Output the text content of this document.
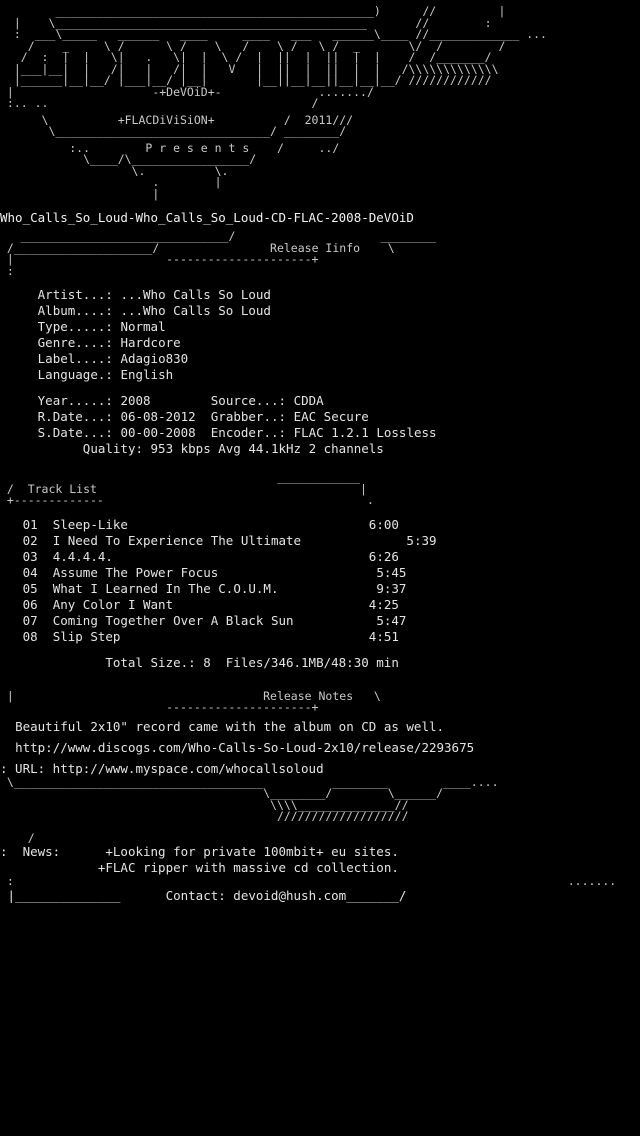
______________________________________________)      //         |
|    \_____________________________________________       //        :
:  ___\_____   ______   ____     ____   ___   ______\____ //_____________ ...
/    _     \ /      \ /    \   /    \ /   \ /  _       \/  /        /
/  :  |  |   \|   .   \|  |  \ /  |  ||  |  ||  |  |    /  /_______/
|___|__|  |   /|   |   /|  |   V   |  ||  |  ||  |  |   /\\\\\\\\\\\\\
|______|__|__/ |___|__/ |__|       |__||__|__||__|__|__/ ////////////
|                    -+DeVOiD+-              ......./
:.. ..                                      /
\          +FLACDiViSiON+          /  2011///
\_______________________________/ ________/
:..        P r e s e n t s    /     ../
\____/\_________________/
\.          \.
.        |
|
Who_Calls_So_Loud-Who_Calls_So_Loud-CD-FLAC-2008-DeVOiD
______________________________/                     ________
/____________________/                Release Iinfo    \
|                      ---------------------+
:
Artist...: ...Who Calls So Loud
Album....: ...Who Calls So Loud
Type.....: Normal
Genre....: Hardcore
Label....: Adagio830
Language.: English
Year.....: 2008	Source...: CDDA
R.Date...: 06-08-2012 Grabber..: EAC Secure
S.Date...: 00-00-2008 Encoder..: FLAC 1.2.1 Lossless
Quality: 953 kbps Avg 44.1kHz 2 channels
____________
/  Track List                                      |
+-------------                                      .
01 Sleep-Like	6:00
02 I Need To Experience The Ultimate	5:39
03 4.4.4.4.	6:26
04 Assume The Power Focus	5:45
05 What I Learned In The C.O.U.M.	9:37
06 Any Color I Want	4:25
07 Coming Together Over A Black Sun	5:47
08 Slip Step	4:51
Total Size.: 8  Files/346.1MB/48:30 min
|                                    Release Notes   \
---------------------+
Beautiful 2x10" record came with the album on CD as well.
http://www.discogs.com/Who-Calls-So-Loud-2x10/release/2293675
: URL: http://www.myspace.com/whocallsoloud
\____________________________________          ________        ____....
\________/        \______/
\\\\______________//
///////////////////
/
:  News:	+Looking for private 100mbit+ eu sites.
+FLAC ripper with massive cd collection.
:                                                                                .......
|______________      Contact: devoid@hush.com_______/
